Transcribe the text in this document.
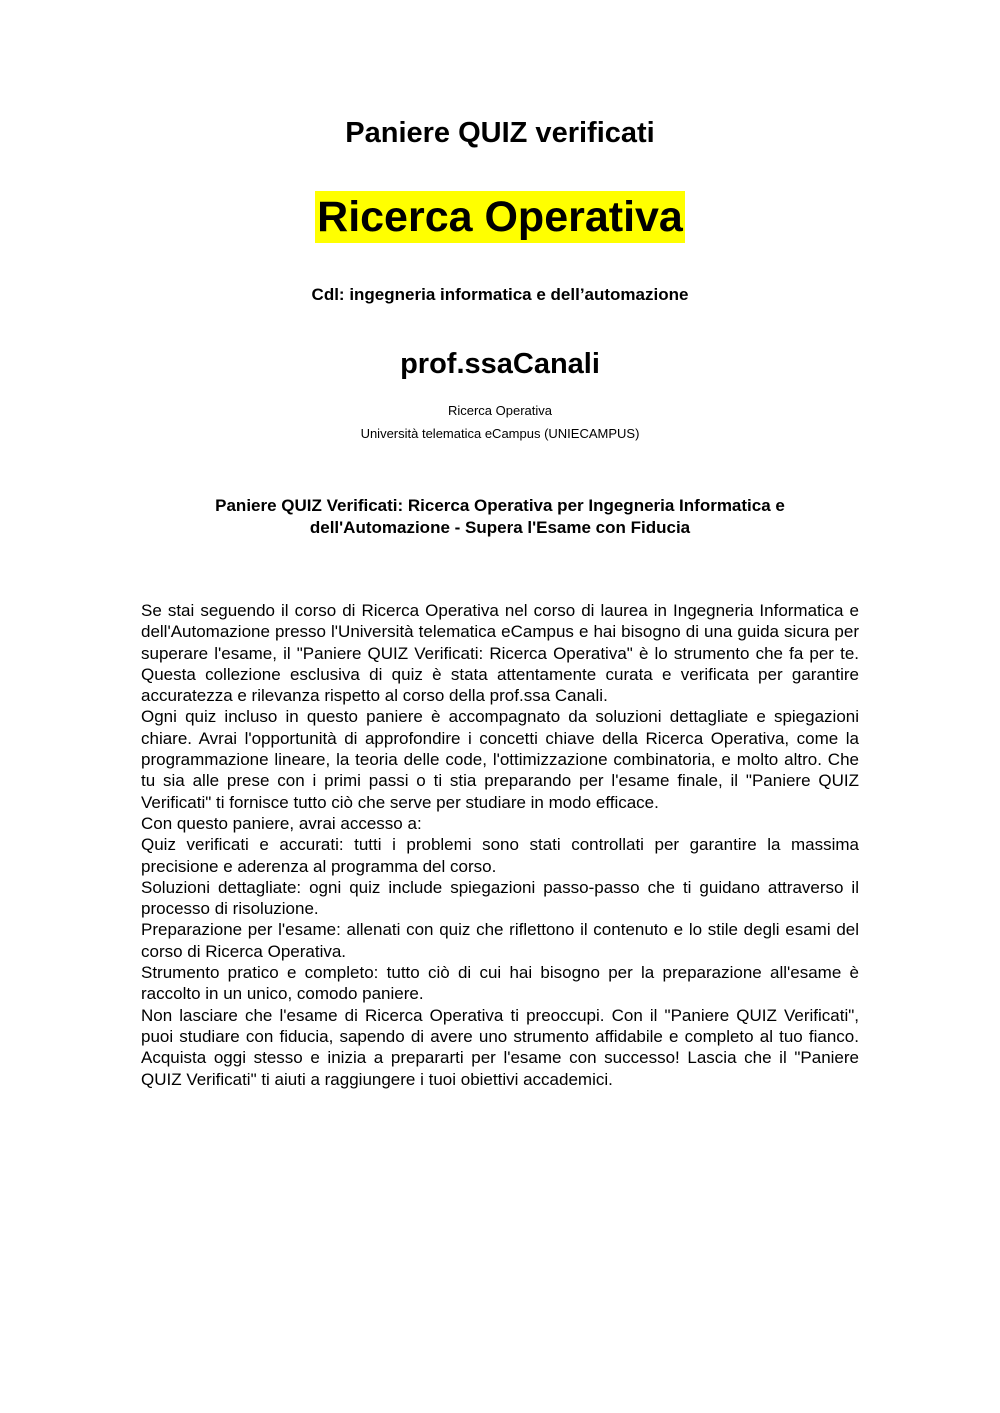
Paniere QUIZ verificati
Ricerca Operativa
Cdl: ingegneria informatica e dell’automazione
prof.ssaCanali
Ricerca Operativa
Università telematica eCampus (UNIECAMPUS)
Paniere QUIZ Verificati: Ricerca Operativa per Ingegneria Informatica e
dell'Automazione - Supera l'Esame con Fiducia

Se stai seguendo il corso di Ricerca Operativa nel corso di laurea in Ingegneria Informatica e dell'Automazione presso l'Università telematica eCampus e hai bisogno di una guida sicura per superare l'esame, il "Paniere QUIZ Verificati: Ricerca Operativa" è lo strumento che fa per te. Questa collezione esclusiva di quiz è stata attentamente curata e verificata per garantire accuratezza e rilevanza rispetto al corso della prof.ssa Canali.

Ogni quiz incluso in questo paniere è accompagnato da soluzioni dettagliate e spiegazioni chiare. Avrai l'opportunità di approfondire i concetti chiave della Ricerca Operativa, come la programmazione lineare, la teoria delle code, l'ottimizzazione combinatoria, e molto altro. Che tu sia alle prese con i primi passi o ti stia preparando per l'esame finale, il "Paniere QUIZ Verificati" ti fornisce tutto ciò che serve per studiare in modo efficace.

Con questo paniere, avrai accesso a:

Quiz verificati e accurati: tutti i problemi sono stati controllati per garantire la massima precisione e aderenza al programma del corso.

Soluzioni dettagliate: ogni quiz include spiegazioni passo-passo che ti guidano attraverso il processo di risoluzione.

Preparazione per l'esame: allenati con quiz che riflettono il contenuto e lo stile degli esami del corso di Ricerca Operativa.

Strumento pratico e completo: tutto ciò di cui hai bisogno per la preparazione all'esame è raccolto in un unico, comodo paniere.

Non lasciare che l'esame di Ricerca Operativa ti preoccupi. Con il "Paniere QUIZ Verificati", puoi studiare con fiducia, sapendo di avere uno strumento affidabile e completo al tuo fianco. Acquista oggi stesso e inizia a prepararti per l'esame con successo! Lascia che il "Paniere QUIZ Verificati" ti aiuti a raggiungere i tuoi obiettivi accademici.
